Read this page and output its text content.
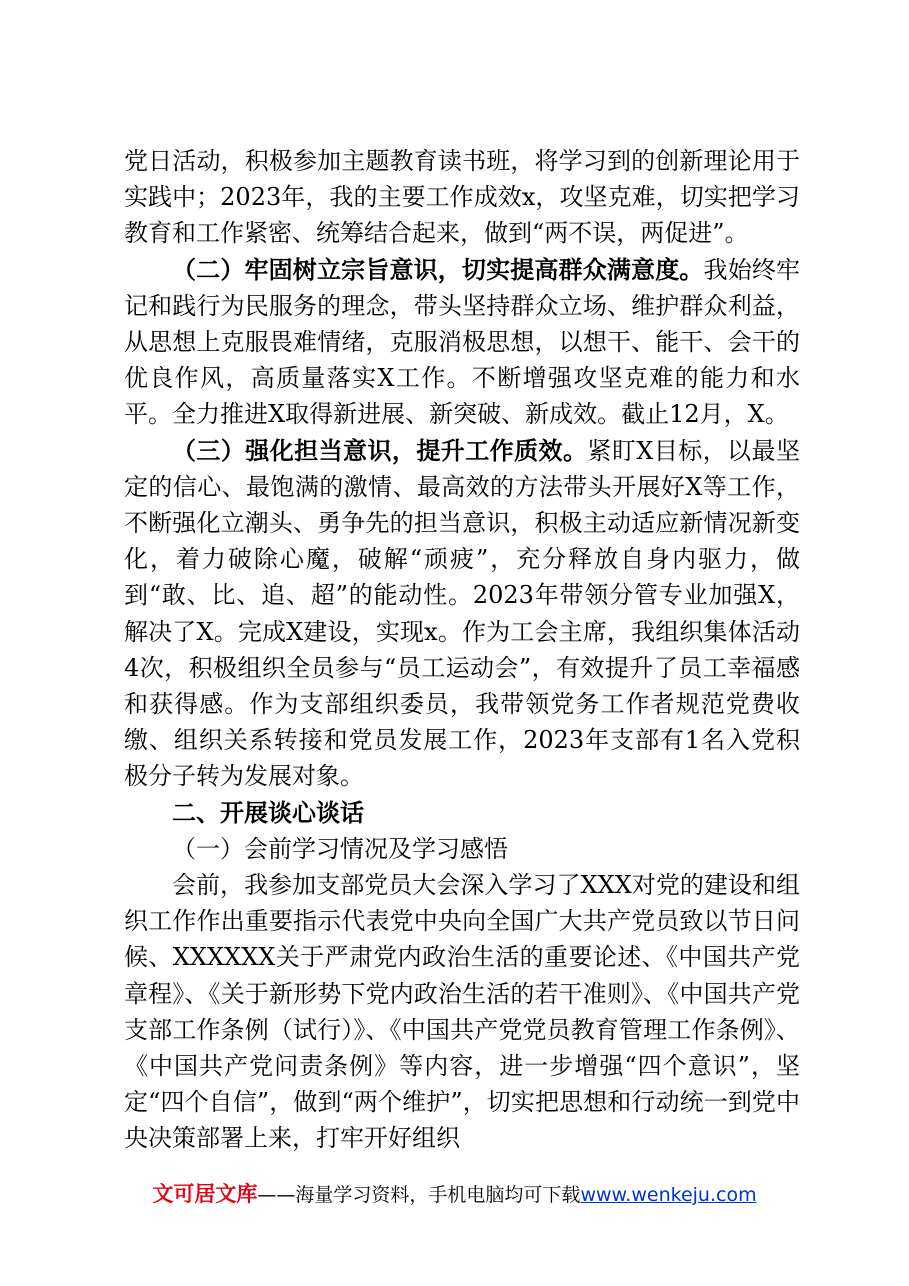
党日活动，积极参加主题教育读书班，将学习到的创新理论用于实践中；2023年，我的主要工作成效x，攻坚克难，切实把学习教育和工作紧密、统筹结合起来，做到“两不误，两促进”。

（二）牢固树立宗旨意识，切实提高群众满意度。我始终牢记和践行为民服务的理念，带头坚持群众立场、维护群众利益，从思想上克服畏难情绪，克服消极思想，以想干、能干、会干的优良作风，高质量落实X工作。不断增强攻坚克难的能力和水平。全力推进X取得新进展、新突破、新成效。截止12月，X。

（三）强化担当意识，提升工作质效。紧盯X目标，以最坚定的信心、最饱满的激情、最高效的方法带头开展好X等工作，不断强化立潮头、勇争先的担当意识，积极主动适应新情况新变化，着力破除心魔，破解“顽疲”，充分释放自身内驱力，做到“敢、比、追、超”的能动性。2023年带领分管专业加强X，解决了X。完成X建设，实现x。作为工会主席，我组织集体活动4次，积极组织全员参与“员工运动会”，有效提升了员工幸福感和获得感。作为支部组织委员，我带领党务工作者规范党费收缴、组织关系转接和党员发展工作，2023年支部有1名入党积极分子转为发展对象。

二、开展谈心谈话

（一）会前学习情况及学习感悟

会前，我参加支部党员大会深入学习了XXX对党的建设和组织工作作出重要指示代表党中央向全国广大共产党员致以节日问候、XXXXXX关于严肃党内政治生活的重要论述、《中国共产党章程》、《关于新形势下党内政治生活的若干准则》、《中国共产党支部工作条例（试行）》、《中国共产党党员教育管理工作条例》、《中国共产党问责条例》等内容，进一步增强“四个意识”，坚定“四个自信”，做到“两个维护”，切实把思想和行动统一到党中央决策部署上来，打牢开好组织

文可居文库——海量学习资料，手机电脑均可下载www.wenkeju.com
